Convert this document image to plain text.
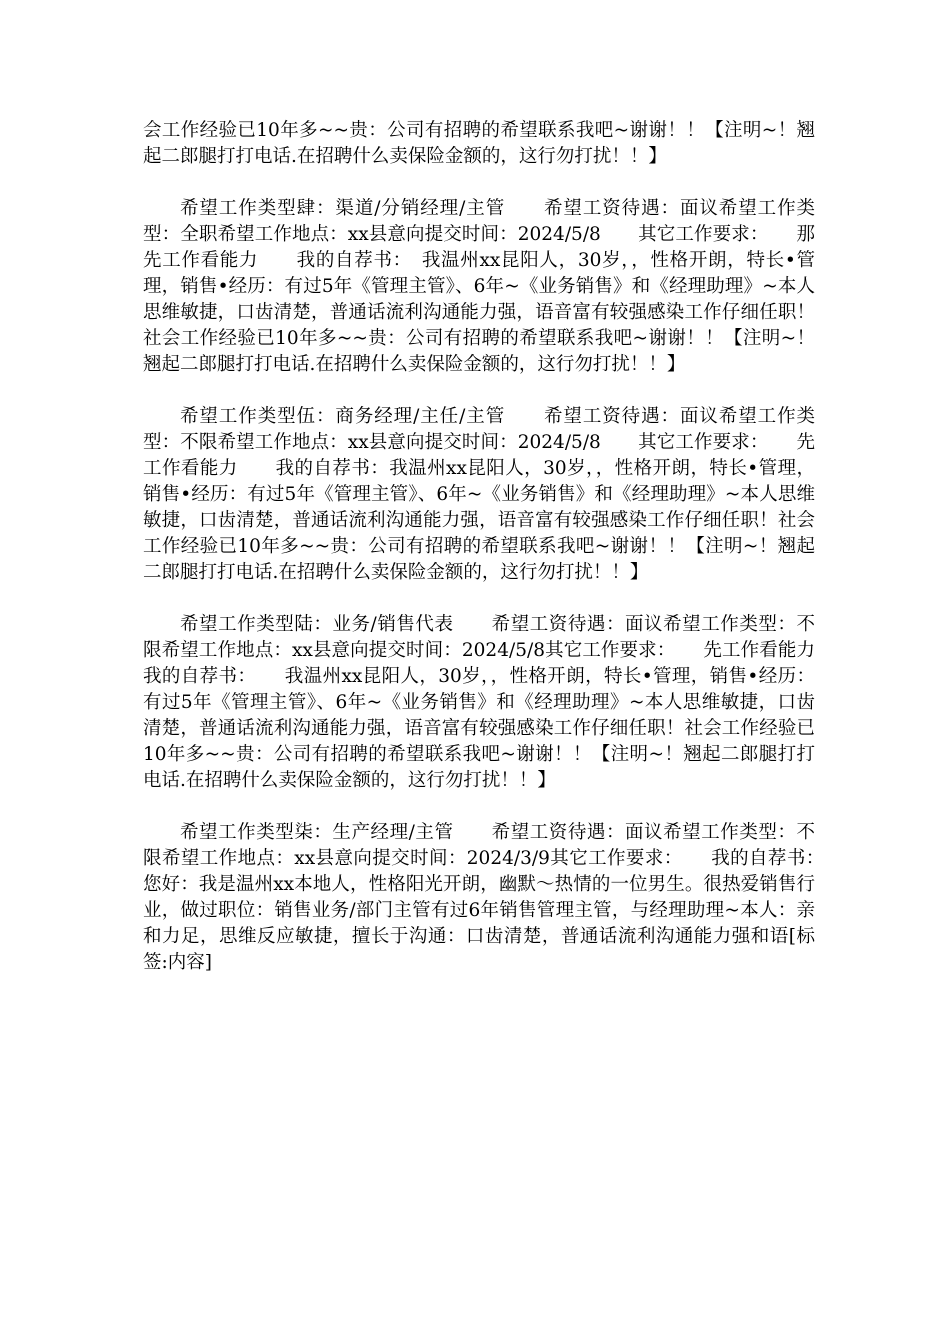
会工作经验已10年多~~贵：公司有招聘的希望联系我吧~谢谢！！【注明~！翘起二郎腿打打电话.在招聘什么卖保险金额的，这行勿打扰！！】

希望工作类型肆：渠道/分销经理/主管　　希望工资待遇：面议希望工作类型：全职希望工作地点：xx县意向提交时间：2024/5/8　　其它工作要求：　　那先工作看能力　　我的自荐书：　我温州xx昆阳人，30岁，，性格开朗，特长•管理，销售•经历：有过5年《管理主管》、6年~《业务销售》和《经理助理》~本人思维敏捷，口齿清楚，普通话流利沟通能力强，语音富有较强感染工作仔细任职！社会工作经验已10年多~~贵：公司有招聘的希望联系我吧~谢谢！！【注明~！翘起二郎腿打打电话.在招聘什么卖保险金额的，这行勿打扰！！】

希望工作类型伍：商务经理/主任/主管　　希望工资待遇：面议希望工作类型：不限希望工作地点：xx县意向提交时间：2024/5/8　　其它工作要求：　　先工作看能力　　我的自荐书：我温州xx昆阳人，30岁，，性格开朗，特长•管理，销售•经历：有过5年《管理主管》、6年~《业务销售》和《经理助理》~本人思维敏捷，口齿清楚，普通话流利沟通能力强，语音富有较强感染工作仔细任职！社会工作经验已10年多~~贵：公司有招聘的希望联系我吧~谢谢！！【注明~！翘起二郎腿打打电话.在招聘什么卖保险金额的，这行勿打扰！！】

希望工作类型陆：业务/销售代表　　希望工资待遇：面议希望工作类型：不限希望工作地点：xx县意向提交时间：2024/5/8其它工作要求：　　先工作看能力　　我的自荐书：　　我温州xx昆阳人，30岁，，性格开朗，特长•管理，销售•经历：有过5年《管理主管》、6年~《业务销售》和《经理助理》~本人思维敏捷，口齿清楚，普通话流利沟通能力强，语音富有较强感染工作仔细任职！社会工作经验已10年多~~贵：公司有招聘的希望联系我吧~谢谢！！【注明~！翘起二郎腿打打电话.在招聘什么卖保险金额的，这行勿打扰！！】

希望工作类型柒：生产经理/主管　　希望工资待遇：面议希望工作类型：不限希望工作地点：xx县意向提交时间：2024/3/9其它工作要求：　　我的自荐书：　　您好：我是温州xx本地人，性格阳光开朗，幽默～热情的一位男生。很热爱销售行业，做过职位：销售业务/部门主管有过6年销售管理主管，与经理助理~本人：亲和力足，思维反应敏捷，擅长于沟通：口齿清楚，普通话流利沟通能力强和语[标签:内容]
